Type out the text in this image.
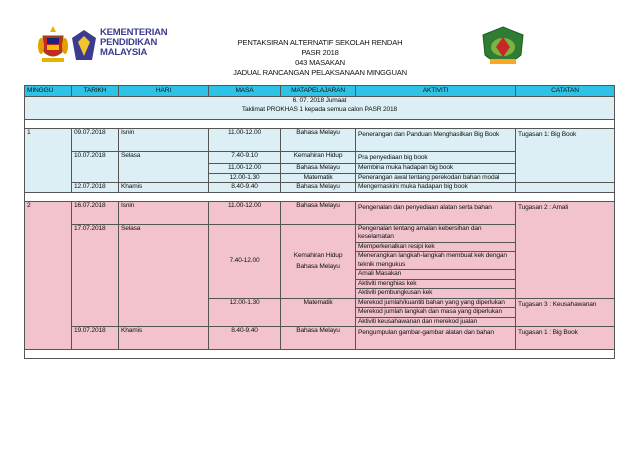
KEMENTERIAN
PENDIDIKAN
MALAYSIA
PENTAKSIRAN ALTERNATIF SEKOLAH RENDAH
PASR 2018
043 MASAKAN
JADUAL RANCANGAN PELAKSANAAN MINGGUAN
MINGGU	TARIKH	HARI	MASA	MATAPELAJARAN	AKTIVITI	CATATAN

6. 07. 2018 Jumaat
Taklimat PROKHAS 1 kepada semua calon PASR 2018						

1	09.07.2018	Isnin	11.00-12.00	Bahasa Melayu	Penerangan dan Panduan Menghasilkan Big Book	Tugasan 1: Big Book
	10.07.2018	Selasa	7.40-9.10	Kemahiran Hidup	Pra penyediaan big book	
			11.00-12.00	Bahasa Melayu	Membina muka hadapan big book	
			12.00-1.30	Matematik	Penerangan awal tentang perekodan bahan modal	
	12.07.2018	Khamis	8.40-9.40	Bahasa Melayu	Mengemaskini muka hadapan big book	

2	16.07.2018	Isnin	11.00-12.00	Bahasa Melayu	Pengenalan dan penyediaan alatan serta bahan	Tugasan 2 : Amali
	17.07.2018	Selasa	7.40-12.00	Kemahiran Hidup Bahasa Melayu	Pengenalan tentang amalan kebersihan dan keselamatan	
					Memperkenalkan resipi kek	
					Menerangkan langkah-langkah membuat kek dengan teknik mengukus	
					Amali Masakan	
					Aktiviti menghias kek	
					Aktiviti pembungkusan kek	
			12.00-1.30	Matematik	Merekod jumlah/kuantiti bahan yang yang diperlukan	Tugasan 3 : Keusahawanan
					Merekod jumlah langkah dan masa yang diperlukan	
					Aktiviti keusahawanan dan merekod jualan	
	19.07.2018	Khamis	8.40-9.40	Bahasa Melayu	Pengumpulan gambar-gambar alatan dan bahan	Tugasan 1 : Big Book
